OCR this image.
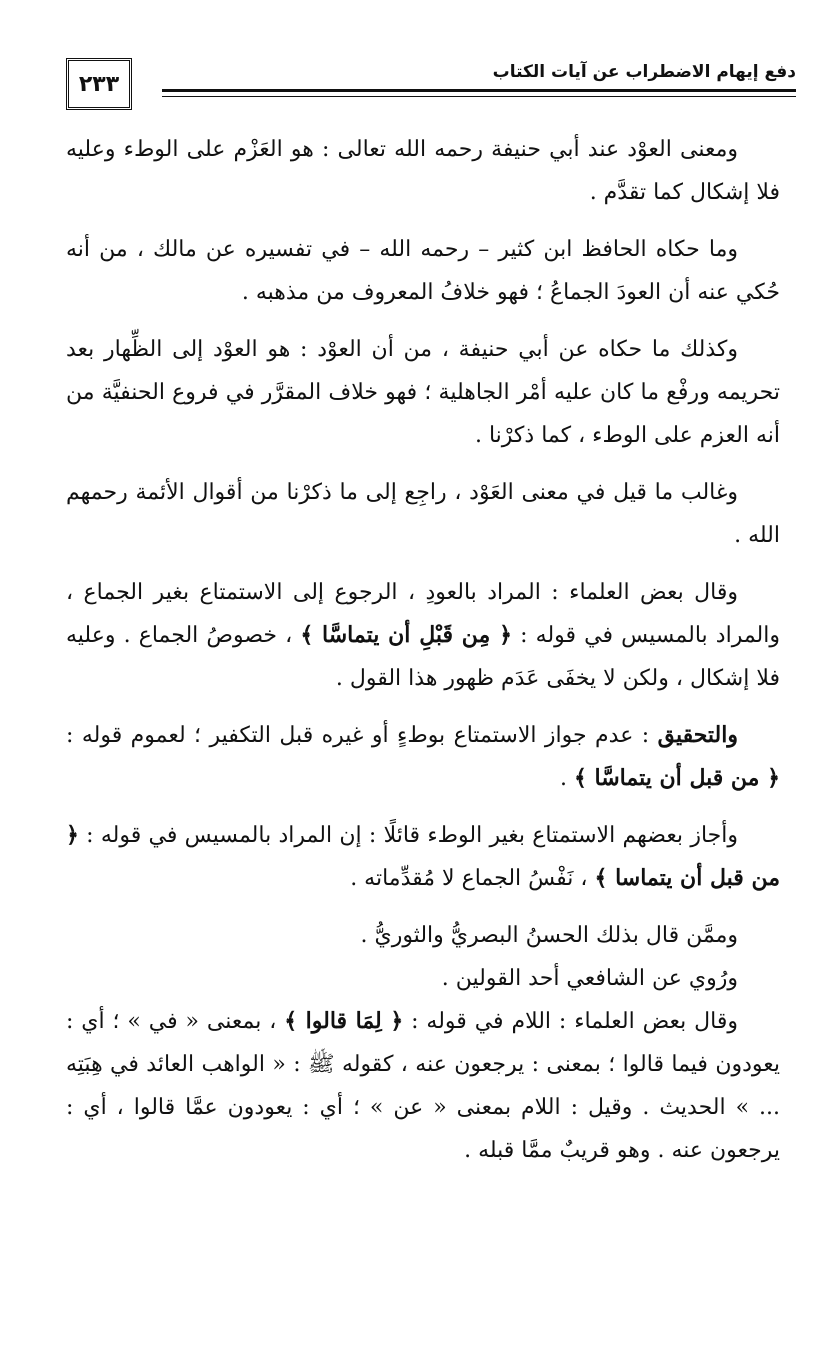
٢٣٣	دفع إيهام الاضطراب عن آيات الكتاب

ومعنى العوْد عند أبي حنيفة رحمه الله تعالى : هو العَزْم على الوطء وعليه فلا إشكال كما تقدَّم .

وما حكاه الحافظ ابن كثير – رحمه الله – في تفسيره عن مالك ، من أنه حُكي عنه أن العودَ الجماعُ ؛ فهو خلافُ المعروف من مذهبه .

وكذلك ما حكاه عن أبي حنيفة ، من أن العوْد : هو العوْد إلى الظِّهار بعد تحريمه ورفْع ما كان عليه أمْر الجاهلية ؛ فهو خلاف المقرَّر في فروع الحنفيَّة من أنه العزم على الوطء ، كما ذكرْنا .

وغالب ما قيل في معنى العَوْد ، راجِع إلى ما ذكرْنا من أقوال الأئمة رحمهم الله .

وقال بعض العلماء : المراد بالعودِ ، الرجوع إلى الاستمتاع بغير الجماع ، والمراد بالمسيس في قوله : ﴿ مِن قَبْلِ أن يتماسَّا ﴾ ، خصوصُ الجماع . وعليه فلا إشكال ، ولكن لا يخفَى عَدَم ظهور هذا القول .

والتحقيق : عدم جواز الاستمتاع بوطءٍ أو غيره قبل التكفير ؛ لعموم قوله : ﴿ من قبل أن يتماسَّا ﴾ .

وأجاز بعضهم الاستمتاع بغير الوطء قائلًا : إن المراد بالمسيس في قوله : ﴿ من قبل أن يتماسا ﴾ ، نَفْسُ الجماع لا مُقدِّماته .

وممَّن قال بذلك الحسنُ البصريُّ والثوريُّ .

ورُوي عن الشافعي أحد القولين .

وقال بعض العلماء : اللام في قوله : ﴿ لِمَا قالوا ﴾ ، بمعنى « في » ؛ أي : يعودون فيما قالوا ؛ بمعنى : يرجعون عنه ، كقوله ﷺ : « الواهب العائد في هِبَتِه ... » الحديث . وقيل : اللام بمعنى « عن » ؛ أي : يعودون عمَّا قالوا ، أي : يرجعون عنه . وهو قريبٌ ممَّا قبله .
